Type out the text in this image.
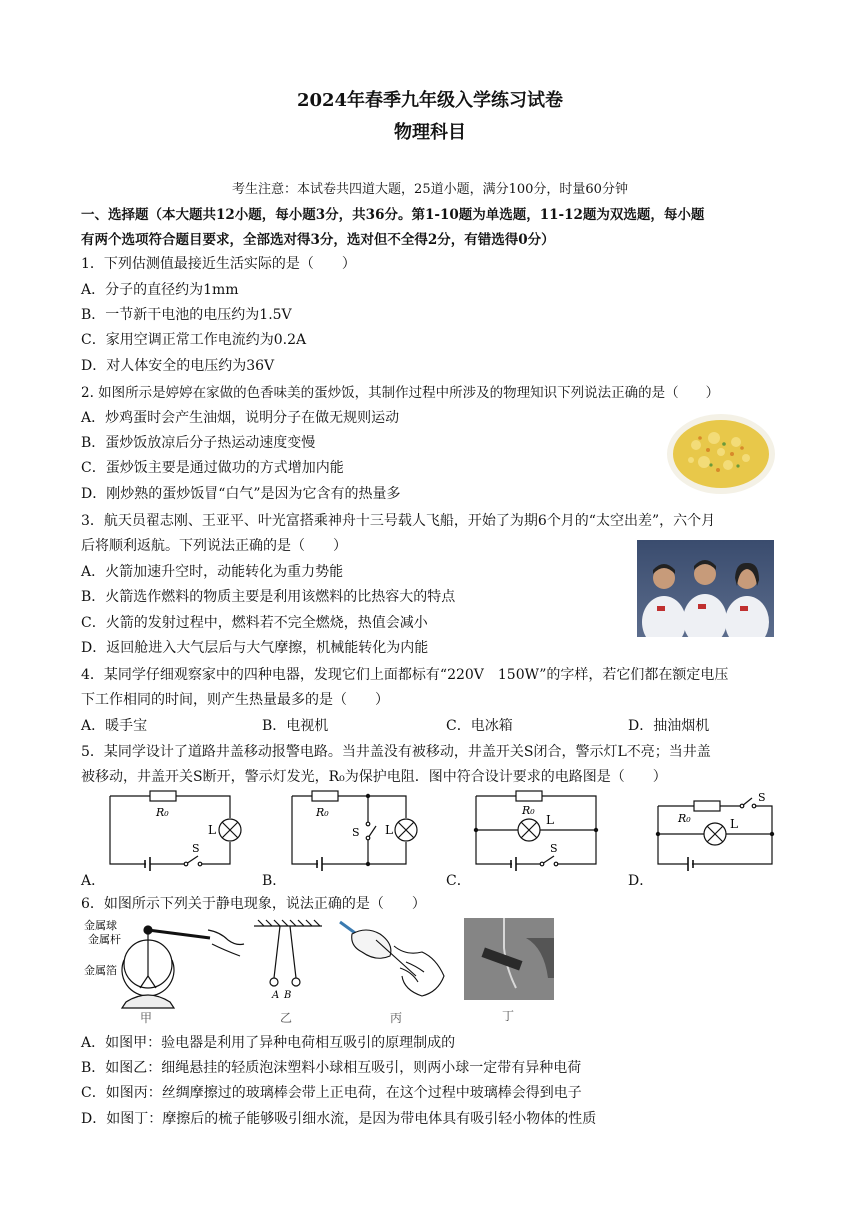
2024年春季九年级入学练习试卷
物理科目
考生注意：本试卷共四道大题，25道小题，满分100分，时量60分钟
一、选择题（本大题共12小题，每小题3分，共36分。第1-10题为单选题，11-12题为双选题，每小题
有两个选项符合题目要求，全部选对得3分，选对但不全得2分，有错选得0分）
1．下列估测值最接近生活实际的是（　　）
A．分子的直径约为1mm
B．一节新干电池的电压约为1.5V
C．家用空调正常工作电流约为0.2A
D．对人体安全的电压约为36V
2. 如图所示是婷婷在家做的色香味美的蛋炒饭，其制作过程中所涉及的物理知识下列说法正确的是（　　）
A．炒鸡蛋时会产生油烟，说明分子在做无规则运动
B．蛋炒饭放凉后分子热运动速度变慢
C．蛋炒饭主要是通过做功的方式增加内能
D．刚炒熟的蛋炒饭冒“白气”是因为它含有的热量多
3．航天员翟志刚、王亚平、叶光富搭乘神舟十三号载人飞船，开始了为期6个月的“太空出差”，六个月
后将顺利返航。下列说法正确的是（　　）
A．火箭加速升空时，动能转化为重力势能
B．火箭选作燃料的物质主要是利用该燃料的比热容大的特点
C．火箭的发射过程中，燃料若不完全燃烧，热值会减小
D．返回舱进入大气层后与大气摩擦，机械能转化为内能
4．某同学仔细观察家中的四种电器，发现它们上面都标有“220V　150W”的字样，若它们都在额定电压
下工作相同的时间，则产生热量最多的是（　　）
A．暖手宝	B．电视机	C．电冰箱	D．抽油烟机
5．某同学设计了道路井盖移动报警电路。当井盖没有被移动，井盖开关S闭合，警示灯L不亮；当井盖
被移动，井盖开关S断开，警示灯发光，R₀为保护电阻．图中符合设计要求的电路图是（　　）
A．
R₀
L
S
B．
R₀
L
S
C．
R₀
L
S
D．
R₀	L
S
6．如图所示下列关于静电现象，说法正确的是（　　）
金属球
金属杆
金属箔
甲
A B
乙	丙	丁
A．如图甲：验电器是利用了异种电荷相互吸引的原理制成的
B．如图乙：细绳悬挂的轻质泡沫塑料小球相互吸引，则两小球一定带有异种电荷
C．如图丙：丝绸摩擦过的玻璃棒会带上正电荷，在这个过程中玻璃棒会得到电子
D．如图丁：摩擦后的梳子能够吸引细水流，是因为带电体具有吸引轻小物体的性质
